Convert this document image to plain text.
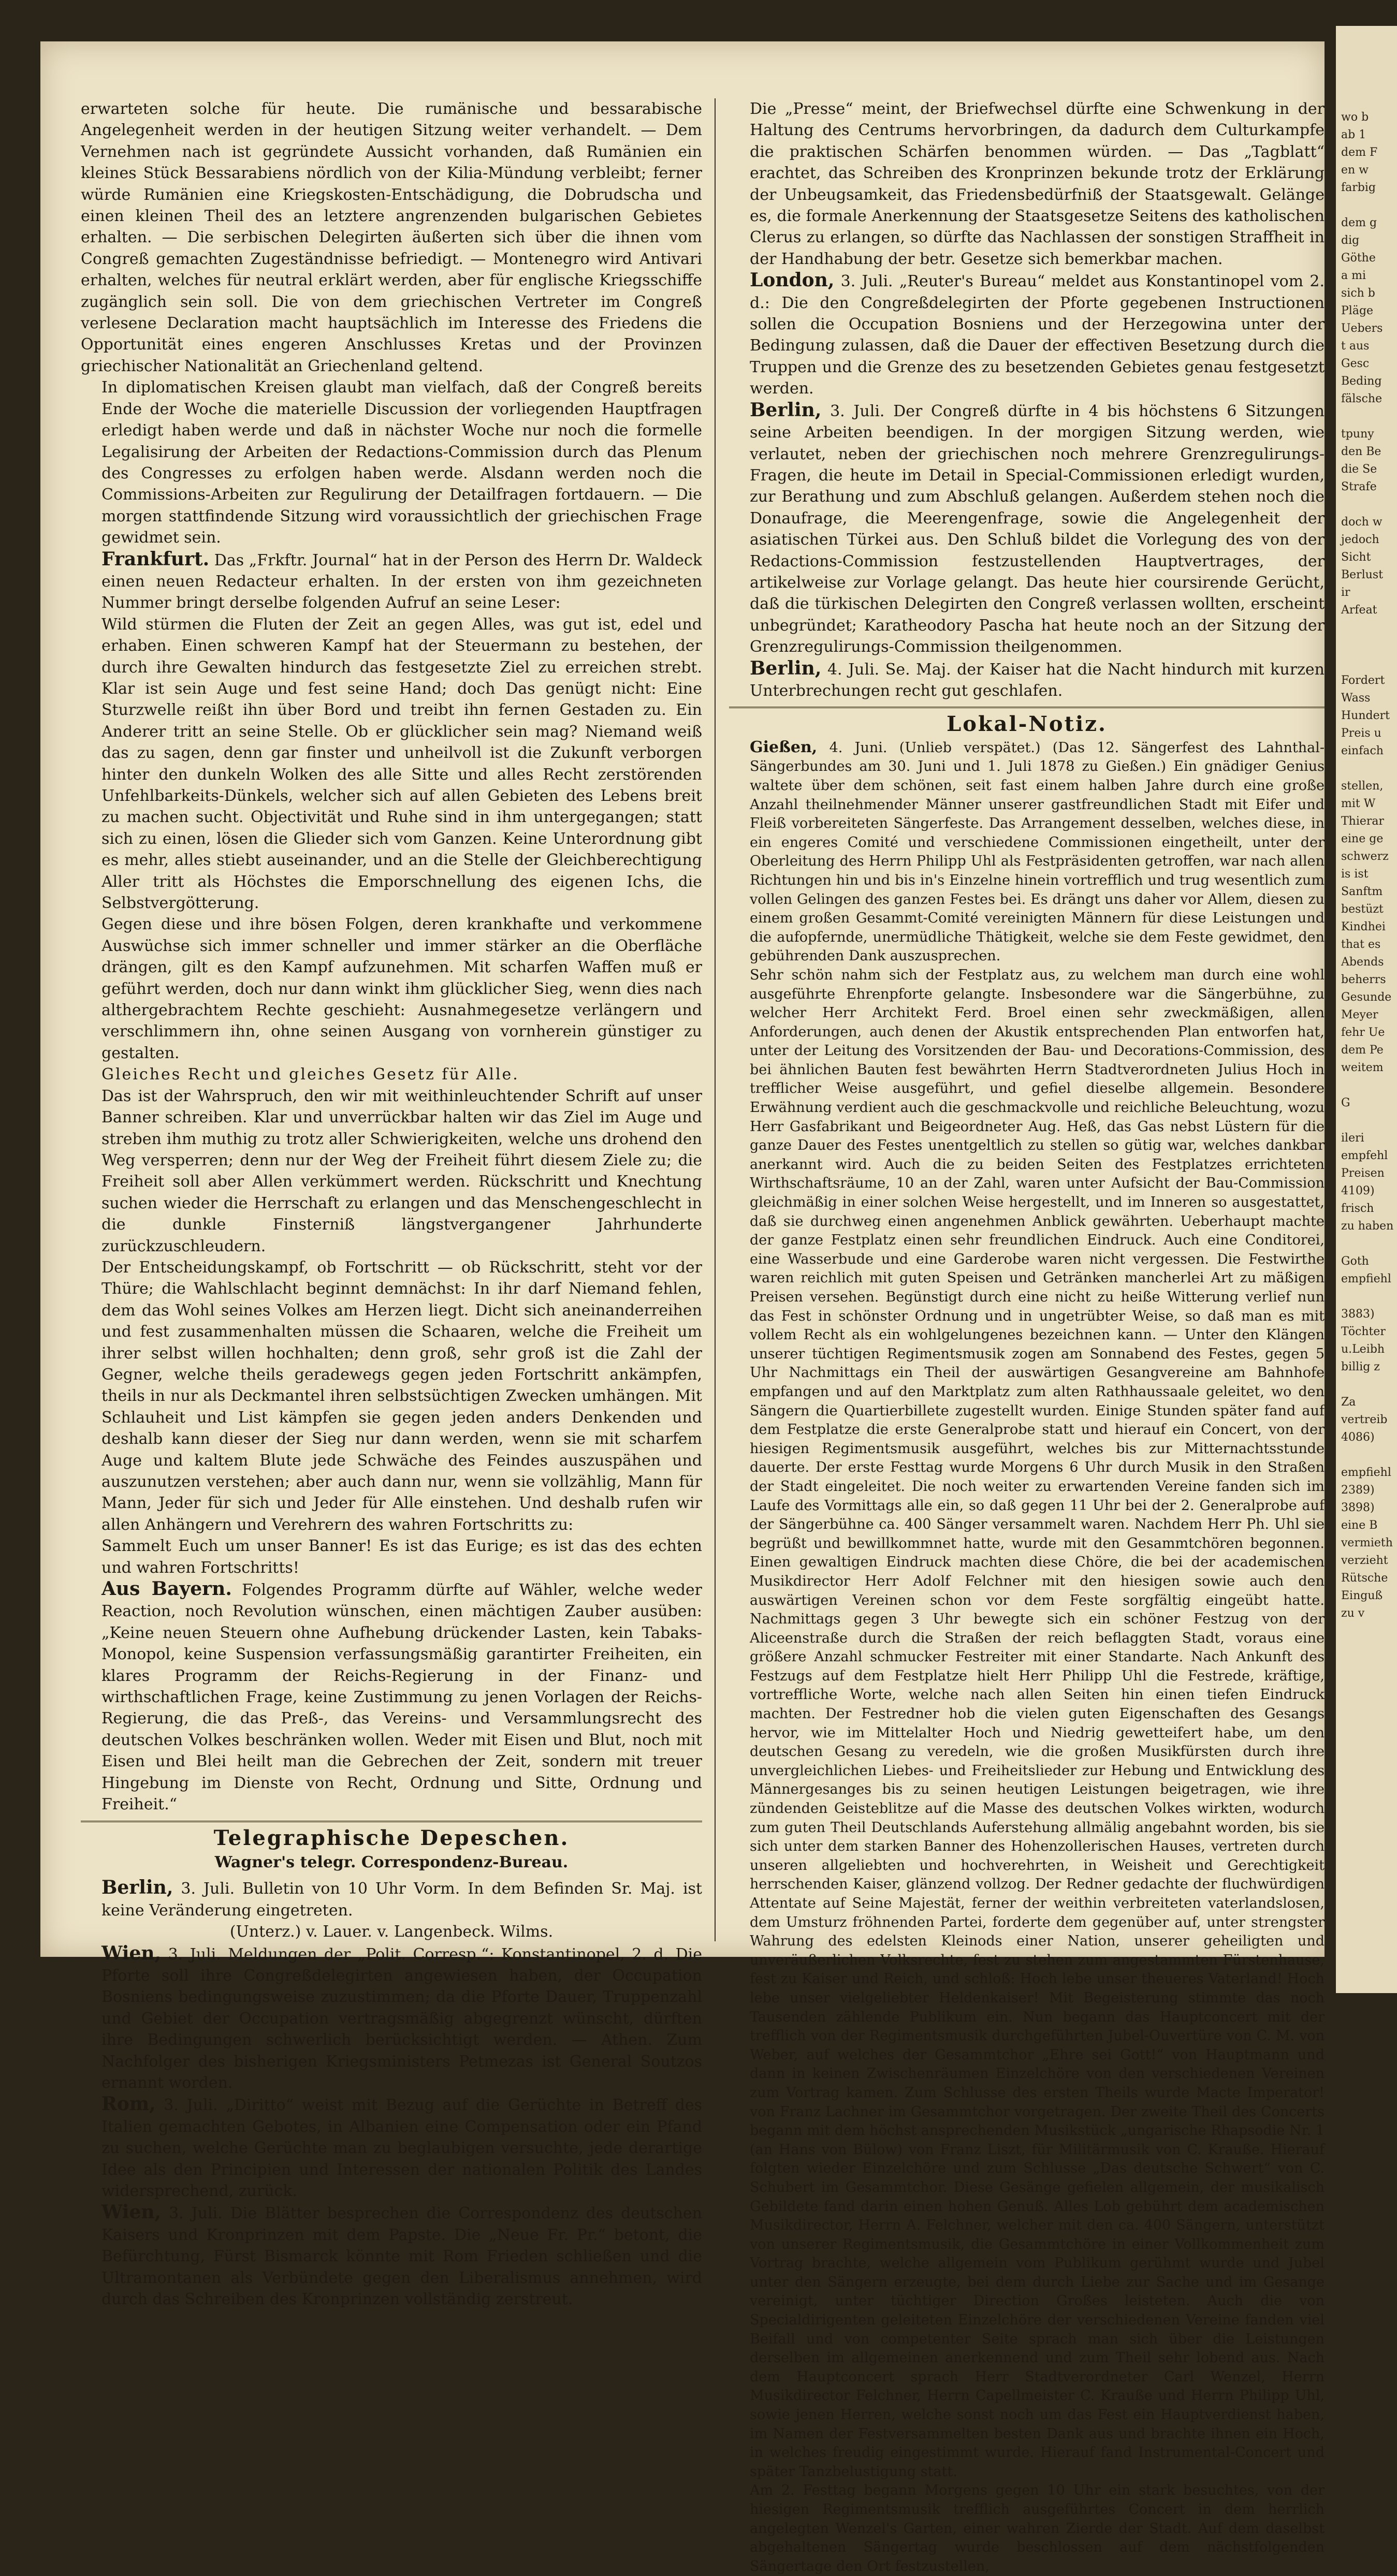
erwarteten solche für heute. Die rumänische und bessarabische Angelegenheit werden in der heutigen Sitzung weiter verhandelt. — Dem Vernehmen nach ist gegründete Aussicht vorhanden, daß Rumänien ein kleines Stück Bessarabiens nördlich von der Kilia-Mündung verbleibt; ferner würde Rumänien eine Kriegskosten-Entschädigung, die Dobrudscha und einen kleinen Theil des an letztere angrenzenden bulgarischen Gebietes erhalten. — Die serbischen Delegirten äußerten sich über die ihnen vom Congreß gemachten Zugeständnisse befriedigt. — Montenegro wird Antivari erhalten, welches für neutral erklärt werden, aber für englische Kriegsschiffe zugänglich sein soll. Die von dem griechischen Vertreter im Congreß verlesene Declaration macht hauptsächlich im Interesse des Friedens die Opportunität eines engeren Anschlusses Kretas und der Provinzen griechischer Nationalität an Griechenland geltend.

In diplomatischen Kreisen glaubt man vielfach, daß der Congreß bereits Ende der Woche die materielle Discussion der vorliegenden Hauptfragen erledigt haben werde und daß in nächster Woche nur noch die formelle Legalisirung der Arbeiten der Redactions-Commission durch das Plenum des Congresses zu erfolgen haben werde. Alsdann werden noch die Commissions-Arbeiten zur Regulirung der Detailfragen fortdauern. — Die morgen stattfindende Sitzung wird voraussichtlich der griechischen Frage gewidmet sein.

Frankfurt. Das „Frkftr. Journal“ hat in der Person des Herrn Dr. Waldeck einen neuen Redacteur erhalten. In der ersten von ihm gezeichneten Nummer bringt derselbe folgenden Aufruf an seine Leser:

Wild stürmen die Fluten der Zeit an gegen Alles, was gut ist, edel und erhaben. Einen schweren Kampf hat der Steuermann zu bestehen, der durch ihre Gewalten hindurch das festgesetzte Ziel zu erreichen strebt. Klar ist sein Auge und fest seine Hand; doch Das genügt nicht: Eine Sturzwelle reißt ihn über Bord und treibt ihn fernen Gestaden zu. Ein Anderer tritt an seine Stelle. Ob er glücklicher sein mag? Niemand weiß das zu sagen, denn gar finster und unheilvoll ist die Zukunft verborgen hinter den dunkeln Wolken des alle Sitte und alles Recht zerstörenden Unfehlbarkeits-Dünkels, welcher sich auf allen Gebieten des Lebens breit zu machen sucht. Objectivität und Ruhe sind in ihm untergegangen; statt sich zu einen, lösen die Glieder sich vom Ganzen. Keine Unterordnung gibt es mehr, alles stiebt auseinander, und an die Stelle der Gleichberechtigung Aller tritt als Höchstes die Emporschnellung des eigenen Ichs, die Selbstvergötterung.

Gegen diese und ihre bösen Folgen, deren krankhafte und verkommene Auswüchse sich immer schneller und immer stärker an die Oberfläche drängen, gilt es den Kampf aufzunehmen. Mit scharfen Waffen muß er geführt werden, doch nur dann winkt ihm glücklicher Sieg, wenn dies nach althergebrachtem Rechte geschieht: Ausnahmegesetze verlängern und verschlimmern ihn, ohne seinen Ausgang von vornherein günstiger zu gestalten.

Gleiches Recht und gleiches Gesetz für Alle.

Das ist der Wahrspruch, den wir mit weithinleuchtender Schrift auf unser Banner schreiben. Klar und unverrückbar halten wir das Ziel im Auge und streben ihm muthig zu trotz aller Schwierigkeiten, welche uns drohend den Weg versperren; denn nur der Weg der Freiheit führt diesem Ziele zu; die Freiheit soll aber Allen verkümmert werden. Rückschritt und Knechtung suchen wieder die Herrschaft zu erlangen und das Menschengeschlecht in die dunkle Finsterniß längstvergangener Jahrhunderte zurückzuschleudern.

Der Entscheidungskampf, ob Fortschritt — ob Rückschritt, steht vor der Thüre; die Wahlschlacht beginnt demnächst: In ihr darf Niemand fehlen, dem das Wohl seines Volkes am Herzen liegt. Dicht sich aneinanderreihen und fest zusammenhalten müssen die Schaaren, welche die Freiheit um ihrer selbst willen hochhalten; denn groß, sehr groß ist die Zahl der Gegner, welche theils geradewegs gegen jeden Fortschritt ankämpfen, theils in nur als Deckmantel ihren selbstsüchtigen Zwecken umhängen. Mit Schlauheit und List kämpfen sie gegen jeden anders Denkenden und deshalb kann dieser der Sieg nur dann werden, wenn sie mit scharfem Auge und kaltem Blute jede Schwäche des Feindes auszuspähen und auszunutzen verstehen; aber auch dann nur, wenn sie vollzählig, Mann für Mann, Jeder für sich und Jeder für Alle einstehen. Und deshalb rufen wir allen Anhängern und Verehrern des wahren Fortschritts zu:

Sammelt Euch um unser Banner! Es ist das Eurige; es ist das des echten und wahren Fortschritts!

Aus Bayern. Folgendes Programm dürfte auf Wähler, welche weder Reaction, noch Revolution wünschen, einen mächtigen Zauber ausüben: „Keine neuen Steuern ohne Aufhebung drückender Lasten, kein Tabaks-Monopol, keine Suspension verfassungsmäßig garantirter Freiheiten, ein klares Programm der Reichs-Regierung in der Finanz- und wirthschaftlichen Frage, keine Zustimmung zu jenen Vorlagen der Reichs-Regierung, die das Preß-, das Vereins- und Versammlungsrecht des deutschen Volkes beschränken wollen. Weder mit Eisen und Blut, noch mit Eisen und Blei heilt man die Gebrechen der Zeit, sondern mit treuer Hingebung im Dienste von Recht, Ordnung und Sitte, Ordnung und Freiheit.“

Telegraphische Depeschen.
Wagner's telegr. Correspondenz-Bureau.

Berlin, 3. Juli. Bulletin von 10 Uhr Vorm. In dem Befinden Sr. Maj. ist keine Veränderung eingetreten.

(Unterz.) v. Lauer. v. Langenbeck. Wilms.

Wien, 3. Juli. Meldungen der „Polit. Corresp.“: Konstantinopel, 2. d. Die Pforte soll ihre Congreßdelegirten angewiesen haben, der Occupation Bosniens bedingungsweise zuzustimmen; da die Pforte Dauer, Truppenzahl und Gebiet der Occupation vertragsmäßig abgegrenzt wünscht, dürften ihre Bedingungen schwerlich berücksichtigt werden. — Athen. Zum Nachfolger des bisherigen Kriegsministers Petmezas ist General Soutzos ernannt worden.

Rom, 3. Juli. „Diritto“ weist mit Bezug auf die Gerüchte in Betreff des Italien gemachten Gebotes, in Albanien eine Compensation oder ein Pfand zu suchen, welche Gerüchte man zu beglaubigen versuchte, jede derartige Idee als den Principien und Interessen der nationalen Politik des Landes widersprechend, zurück.

Wien, 3. Juli. Die Blätter besprechen die Correspondenz des deutschen Kaisers und Kronprinzen mit dem Papste. Die „Neue Fr. Pr.“ betont, die Befürchtung, Fürst Bismarck könnte mit Rom Frieden schließen und die Ultramontanen als Verbündete gegen den Liberalismus annehmen, wird durch das Schreiben des Kronprinzen vollständig zerstreut.

Die „Presse“ meint, der Briefwechsel dürfte eine Schwenkung in der Haltung des Centrums hervorbringen, da dadurch dem Culturkampfe die praktischen Schärfen benommen würden. — Das „Tagblatt“ erachtet, das Schreiben des Kronprinzen bekunde trotz der Erklärung der Unbeugsamkeit, das Friedensbedürfniß der Staatsgewalt. Gelänge es, die formale Anerkennung der Staatsgesetze Seitens des katholischen Clerus zu erlangen, so dürfte das Nachlassen der sonstigen Straffheit in der Handhabung der betr. Gesetze sich bemerkbar machen.

London, 3. Juli. „Reuter's Bureau“ meldet aus Konstantinopel vom 2. d.: Die den Congreßdelegirten der Pforte gegebenen Instructionen sollen die Occupation Bosniens und der Herzegowina unter der Bedingung zulassen, daß die Dauer der effectiven Besetzung durch die Truppen und die Grenze des zu besetzenden Gebietes genau festgesetzt werden.

Berlin, 3. Juli. Der Congreß dürfte in 4 bis höchstens 6 Sitzungen seine Arbeiten beendigen. In der morgigen Sitzung werden, wie verlautet, neben der griechischen noch mehrere Grenzregulirungs-Fragen, die heute im Detail in Special-Commissionen erledigt wurden, zur Berathung und zum Abschluß gelangen. Außerdem stehen noch die Donaufrage, die Meerengenfrage, sowie die Angelegenheit der asiatischen Türkei aus. Den Schluß bildet die Vorlegung des von der Redactions-Commission festzustellenden Hauptvertrages, der artikelweise zur Vorlage gelangt. Das heute hier coursirende Gerücht, daß die türkischen Delegirten den Congreß verlassen wollten, erscheint unbegründet; Karatheodory Pascha hat heute noch an der Sitzung der Grenzregulirungs-Commission theilgenommen.

Berlin, 4. Juli. Se. Maj. der Kaiser hat die Nacht hindurch mit kurzen Unterbrechungen recht gut geschlafen.

Lokal-Notiz.

Gießen, 4. Juni. (Unlieb verspätet.) (Das 12. Sängerfest des Lahnthal-Sängerbundes am 30. Juni und 1. Juli 1878 zu Gießen.) Ein gnädiger Genius waltete über dem schönen, seit fast einem halben Jahre durch eine große Anzahl theilnehmender Männer unserer gastfreundlichen Stadt mit Eifer und Fleiß vorbereiteten Sängerfeste. Das Arrangement desselben, welches diese, in ein engeres Comité und verschiedene Commissionen eingetheilt, unter der Oberleitung des Herrn Philipp Uhl als Festpräsidenten getroffen, war nach allen Richtungen hin und bis in's Einzelne hinein vortrefflich und trug wesentlich zum vollen Gelingen des ganzen Festes bei. Es drängt uns daher vor Allem, diesen zu einem großen Gesammt-Comité vereinigten Männern für diese Leistungen und die aufopfernde, unermüdliche Thätigkeit, welche sie dem Feste gewidmet, den gebührenden Dank auszusprechen.

Sehr schön nahm sich der Festplatz aus, zu welchem man durch eine wohl ausgeführte Ehrenpforte gelangte. Insbesondere war die Sängerbühne, zu welcher Herr Architekt Ferd. Broel einen sehr zweckmäßigen, allen Anforderungen, auch denen der Akustik entsprechenden Plan entworfen hat, unter der Leitung des Vorsitzenden der Bau- und Decorations-Commission, des bei ähnlichen Bauten fest bewährten Herrn Stadtverordneten Julius Hoch in trefflicher Weise ausgeführt, und gefiel dieselbe allgemein. Besondere Erwähnung verdient auch die geschmackvolle und reichliche Beleuchtung, wozu Herr Gasfabrikant und Beigeordneter Aug. Heß, das Gas nebst Lüstern für die ganze Dauer des Festes unentgeltlich zu stellen so gütig war, welches dankbar anerkannt wird. Auch die zu beiden Seiten des Festplatzes errichteten Wirthschaftsräume, 10 an der Zahl, waren unter Aufsicht der Bau-Commission gleichmäßig in einer solchen Weise hergestellt, und im Inneren so ausgestattet, daß sie durchweg einen angenehmen Anblick gewährten. Ueberhaupt machte der ganze Festplatz einen sehr freundlichen Eindruck. Auch eine Conditorei, eine Wasserbude und eine Garderobe waren nicht vergessen. Die Festwirthe waren reichlich mit guten Speisen und Getränken mancherlei Art zu mäßigen Preisen versehen. Begünstigt durch eine nicht zu heiße Witterung verlief nun das Fest in schönster Ordnung und in ungetrübter Weise, so daß man es mit vollem Recht als ein wohlgelungenes bezeichnen kann. — Unter den Klängen unserer tüchtigen Regimentsmusik zogen am Sonnabend des Festes, gegen 5 Uhr Nachmittags ein Theil der auswärtigen Gesangvereine am Bahnhofe empfangen und auf den Marktplatz zum alten Rathhaussaale geleitet, wo den Sängern die Quartierbillete zugestellt wurden. Einige Stunden später fand auf dem Festplatze die erste Generalprobe statt und hierauf ein Concert, von der hiesigen Regimentsmusik ausgeführt, welches bis zur Mitternachtsstunde dauerte. Der erste Festtag wurde Morgens 6 Uhr durch Musik in den Straßen der Stadt eingeleitet. Die noch weiter zu erwartenden Vereine fanden sich im Laufe des Vormittags alle ein, so daß gegen 11 Uhr bei der 2. Generalprobe auf der Sängerbühne ca. 400 Sänger versammelt waren. Nachdem Herr Ph. Uhl sie begrüßt und bewillkommnet hatte, wurde mit den Gesammtchören begonnen. Einen gewaltigen Eindruck machten diese Chöre, die bei der academischen Musikdirector Herr Adolf Felchner mit den hiesigen sowie auch den auswärtigen Vereinen schon vor dem Feste sorgfältig eingeübt hatte. Nachmittags gegen 3 Uhr bewegte sich ein schöner Festzug von der Aliceenstraße durch die Straßen der reich beflaggten Stadt, voraus eine größere Anzahl schmucker Festreiter mit einer Standarte. Nach Ankunft des Festzugs auf dem Festplatze hielt Herr Philipp Uhl die Festrede, kräftige, vortreffliche Worte, welche nach allen Seiten hin einen tiefen Eindruck machten. Der Festredner hob die vielen guten Eigenschaften des Gesangs hervor, wie im Mittelalter Hoch und Niedrig gewetteifert habe, um den deutschen Gesang zu veredeln, wie die großen Musikfürsten durch ihre unvergleichlichen Liebes- und Freiheitslieder zur Hebung und Entwicklung des Männergesanges bis zu seinen heutigen Leistungen beigetragen, wie ihre zündenden Geisteblitze auf die Masse des deutschen Volkes wirkten, wodurch zum guten Theil Deutschlands Auferstehung allmälig angebahnt worden, bis sie sich unter dem starken Banner des Hohenzollerischen Hauses, vertreten durch unseren allgeliebten und hochverehrten, in Weisheit und Gerechtigkeit herrschenden Kaiser, glänzend vollzog. Der Redner gedachte der fluchwürdigen Attentate auf Seine Majestät, ferner der weithin verbreiteten vaterlandslosen, dem Umsturz fröhnenden Partei, forderte dem gegenüber auf, unter strengster Wahrung des edelsten Kleinods einer Nation, unserer geheiligten und unveräußerlichen Volksrechte, fest zu stehen zum angestammten Fürstenhause, fest zu Kaiser und Reich, und schloß: Hoch lebe unser theueres Vaterland! Hoch lebe unser vielgeliebter Heldenkaiser! Mit Begeisterung stimmte das noch Tausenden zählende Publikum ein. Nun begann das Hauptconcert mit der trefflich von der Regimentsmusik durchgeführten Jubel-Ouvertüre von C. M. von Weber, auf welches der Gesammtchor „Ehre sei Gott!“ von Hauptmann und dann in keinen Zwischenräumen Einzelchöre von den verschiedenen Vereinen zum Vortrag kamen. Zum Schlusse des ersten Theils wurde Macte Imperator! von Franz Lachner im Gesammtchor vorgetragen. Der zweite Theil des Concerts begann mit dem höchst ansprechenden Musikstück „ungarische Rhapsodie Nr. 1 (an Hans von Bülow) von Franz Liszt, für Militärmusik von C. Krauße. Hierauf folgten wieder Einzelchöre und zum Schlusse „Das deutsche Schwert“ von C. Schubert im Gesammtchor. Diese Gesänge gefielen allgemein, der musikalisch Gebildete fand darin einen hohen Genuß. Alles Lob gebührt dem academischen Musikdirector, Herrn A. Felchner, welcher mit den ca. 400 Sängern, unterstützt von unserer Regimentsmusik, die Gesammtchöre in einer Vollkommenheit zum Vortrag brachte, welche allgemein vom Publikum gerühmt wurde und Jubel unter den Sängern erzeugte, bei dem durch Liebe zur Sache und im Gesange vereinigt, unter tüchtiger Direction Großes leisteten. Auch die von Specialdirigenten geleiteten Einzelchöre der verschiedenen Vereine fanden viel Beifall und von competenter Seite sprach man sich über die Leistungen derselben im allgemeinen anerkennend und zum Theil sehr lobend aus. Nach dem Hauptconcert sprach Herr Stadtverordneter Carl Wenzel, Herrn Musikdirector Felchner, Herrn Capellmeister C. Krauße und Herrn Philipp Uhl, sowie jenen Herren, welche sonst noch um das Fest ein Hauptverdienst haben, im Namen der Festversammelten besten Dank aus und brachte ihnen ein Hoch, in welches freudig eingestimmt wurde. Hierauf fand Instrumental-Concert und später Tanzbelustigung statt.

Am 2. Festtag begann Morgens gegen 10 Uhr ein stark besuchtes, von der hiesigen Regimentsmusik trefflich ausgeführtes Concert in dem herrlich angelegten Wenzel's Garten, einer wahren Zierde der Stadt. Auf dem daselbst abgehaltenen Sängertag wurde beschlossen auf dem nächstfolgenden Sängertage den Ort festzustellen,

wo b
ab 1
dem F
en w
farbig

dem g
dig
Göthe
a mi
sich b
Pläge
Uebers
t aus
Gesc
Beding
fälsche

tpuny
den Be
die Se
Strafe

doch w
jedoch
Sicht
Berlust
ir
Arfeat

Fordert
Wass
Hundert
Preis u
einfach

stellen,
mit W
Thierar
eine ge
schwerz
is ist
Sanftm
bestüzt
Kindhei
that es
Abends
beherrs
Gesunde
Meyer
fehr Ue
dem Pe
weitem

G

ileri
empfehl
Preisen
4109)
frisch
zu haben

Goth
empfiehl

3883)
Töchter
u.Leibh
billig z

Za
vertreib
4086)

empfiehl
2389)
3898)
eine B
vermieth
verzieht
Rütsche
Einguß
zu v
